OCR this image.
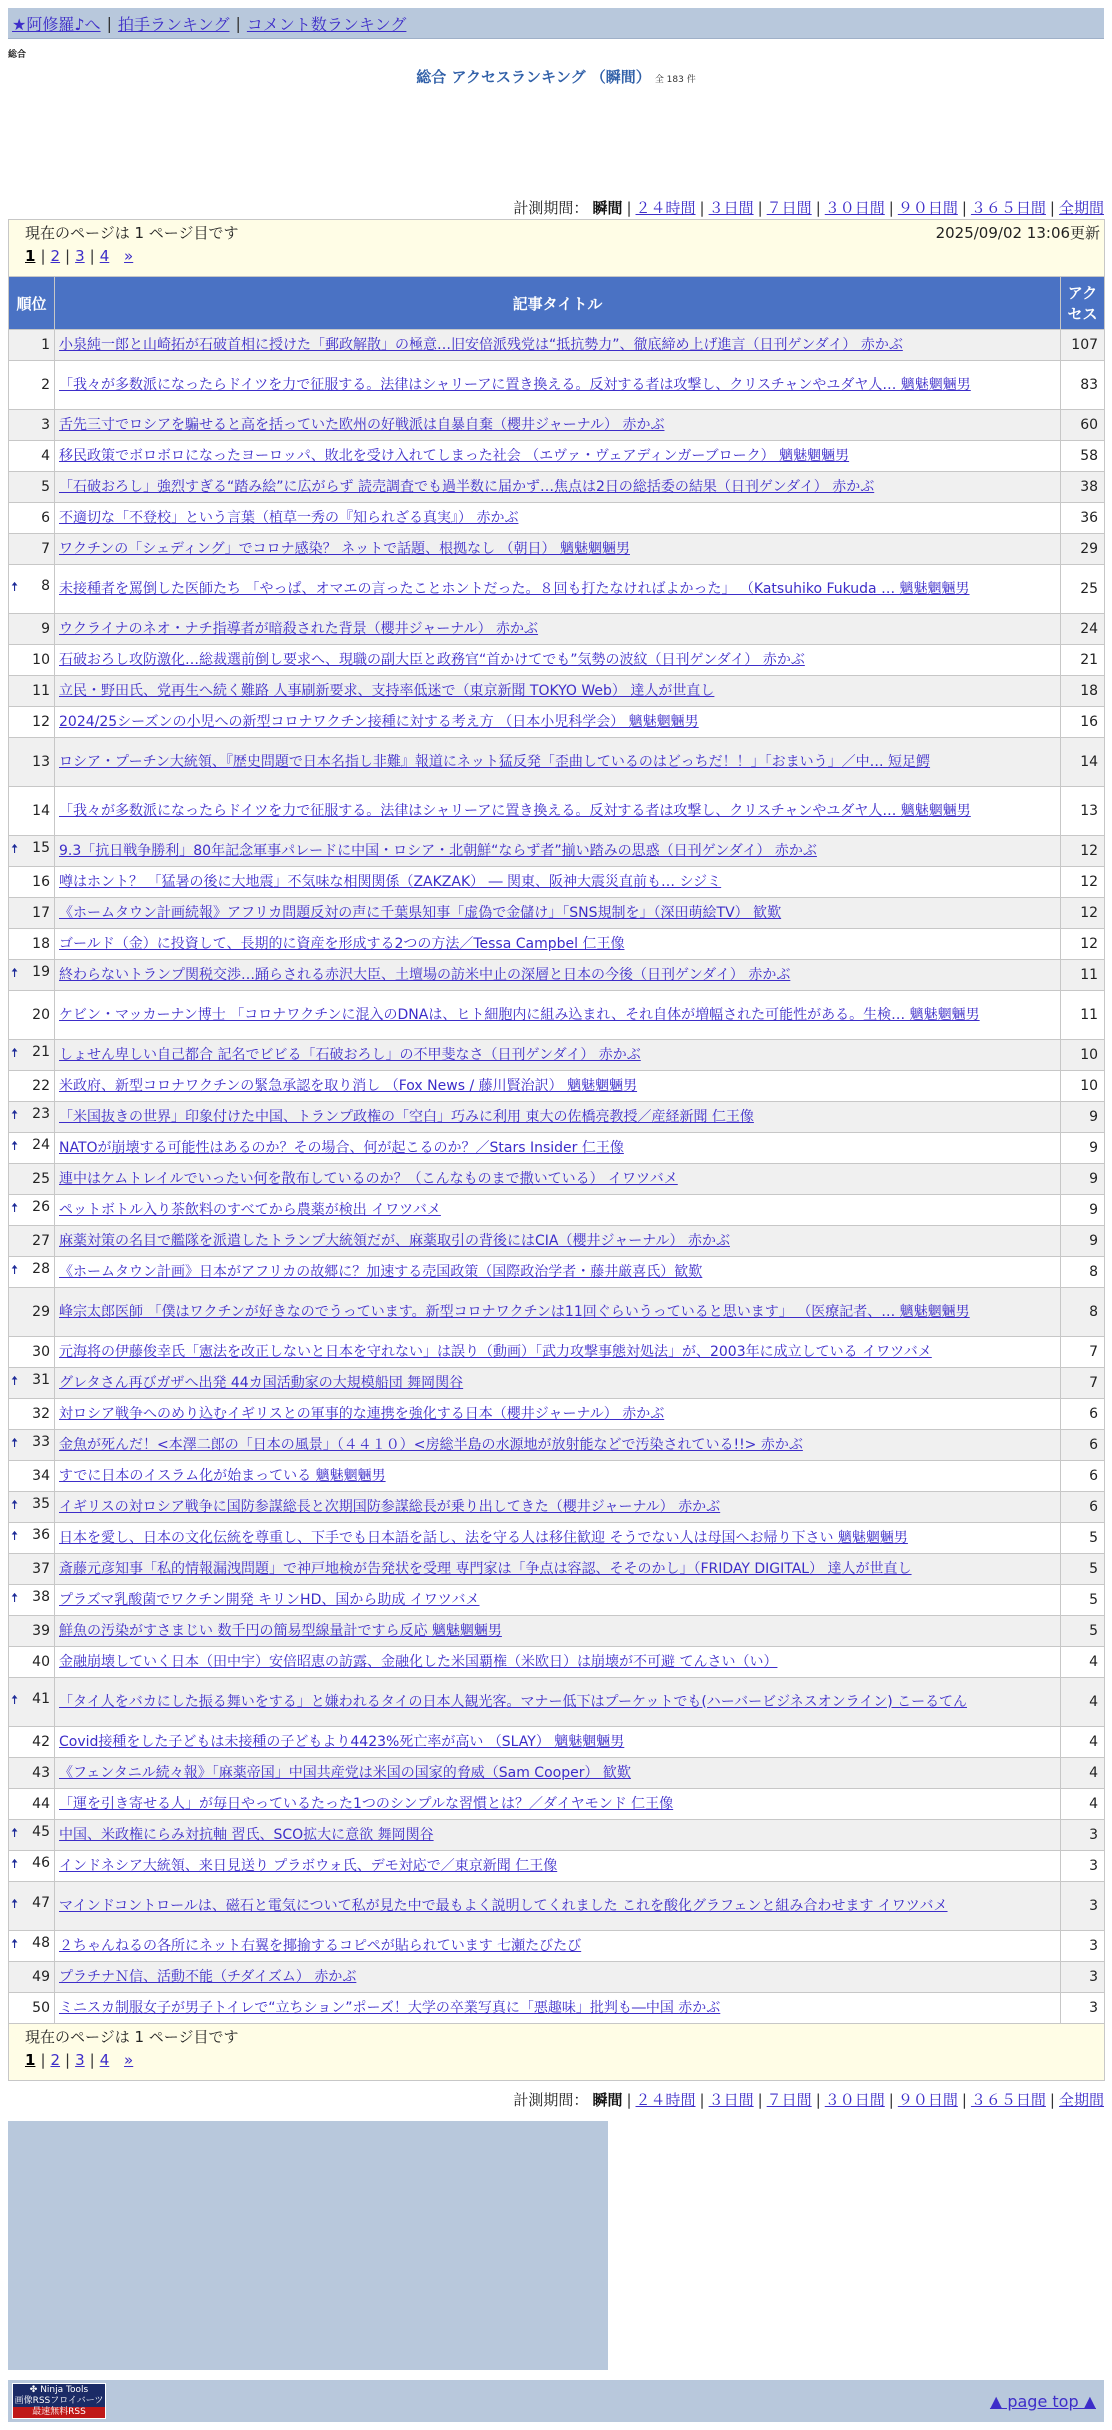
★阿修羅♪へ | 拍手ランキング | コメント数ランキング
総合
総合 アクセスランキング （瞬間） 全 183 件
計測期間： 瞬間 | ２４時間 | ３日間 | ７日間 | ３０日間 | ９０日間 | ３６５日間 | 全期間
現在のページは 1 ページ目です 2025/09/02 13:06更新
1 | 2 | 3 | 4 »		

順位	記事タイトル	アクセス
1	小泉純一郎と山崎拓が石破首相に授けた「郵政解散」の極意…旧安倍派残党は“抵抗勢力”、徹底締め上げ進言（日刊ゲンダイ） 赤かぶ	107
2	「我々が多数派になったらドイツを力で征服する。法律はシャリーアに置き換える。反対する者は攻撃し、クリスチャンやユダヤ人… 魑魅魍魎男	83
3	舌先三寸でロシアを騙せると高を括っていた欧州の好戦派は自暴自棄（櫻井ジャーナル） 赤かぶ	60
4	移民政策でボロボロになったヨーロッパ、敗北を受け入れてしまった社会 （エヴァ・ヴェアディンガーブローク） 魑魅魍魎男	58
5	「石破おろし」強烈すぎる“踏み絵”に広がらず 読売調査でも過半数に届かず…焦点は2日の総括委の結果（日刊ゲンダイ） 赤かぶ	38
6	不適切な「不登校」という言葉（植草一秀の『知られざる真実』） 赤かぶ	36
7	ワクチンの「シェディング」でコロナ感染？ ネットで話題、根拠なし （朝日） 魑魅魍魎男	29

🠅 8	未接種者を罵倒した医師たち 「やっぱ、オマエの言ったことホントだった。８回も打たなければよかった」 （Katsuhiko Fukuda … 魑魅魍魎男	25
9	ウクライナのネオ・ナチ指導者が暗殺された背景（櫻井ジャーナル） 赤かぶ	24
10	石破おろし攻防激化…総裁選前倒し要求へ、現職の副大臣と政務官“首かけてでも”気勢の波紋（日刊ゲンダイ） 赤かぶ	21
11	立民・野田氏、党再生へ続く難路 人事刷新要求、支持率低迷で（東京新聞 TOKYO Web） 達人が世直し	18
12	2024/25シーズンの小児への新型コロナワクチン接種に対する考え方 （日本小児科学会） 魑魅魍魎男	16
13	ロシア・プーチン大統領、『歴史問題で日本名指し非難』報道にネット猛反発「歪曲しているのはどっちだ！！」「おまいう」／中… 短足鰐	14
14	「我々が多数派になったらドイツを力で征服する。法律はシャリーアに置き換える。反対する者は攻撃し、クリスチャンやユダヤ人… 魑魅魍魎男	13

🠅 15	9.3「抗日戦争勝利」80年記念軍事パレードに中国・ロシア・北朝鮮“ならず者”揃い踏みの思惑（日刊ゲンダイ） 赤かぶ	12
16	噂はホント？ 「猛暑の後に大地震」不気味な相関関係（ZAKZAK） ― 関東、阪神大震災直前も… シジミ	12
17	《ホームタウン計画続報》アフリカ問題反対の声に千葉県知事「虚偽で金儲け」「SNS規制を」（深田萌絵TV） 歓歎	12
18	ゴールド（金）に投資して、長期的に資産を形成する2つの方法／Tessa Campbel 仁王像	12

🠅 19	終わらないトランプ関税交渉…踊らされる赤沢大臣、土壇場の訪米中止の深層と日本の今後（日刊ゲンダイ） 赤かぶ	11
20	ケビン・マッカーナン博士 「コロナワクチンに混入のDNAは、ヒト細胞内に組み込まれ、それ自体が増幅された可能性がある。生検… 魑魅魍魎男	11

🠅 21	しょせん卑しい自己都合 記名でビビる「石破おろし」の不甲斐なさ（日刊ゲンダイ） 赤かぶ	10
22	米政府、新型コロナワクチンの緊急承認を取り消し （Fox News / 藤川賢治訳） 魑魅魍魎男	10

🠅 23	「米国抜きの世界」印象付けた中国、トランプ政権の「空白」巧みに利用 東大の佐橋亮教授／産経新聞 仁王像	9

🠅 24	NATOが崩壊する可能性はあるのか？その場合、何が起こるのか？／Stars Insider 仁王像	9
25	連中はケムトレイルでいったい何を散布しているのか？（こんなものまで撒いている） イワツバメ	9

🠅 26	ペットボトル入り茶飲料のすべてから農薬が検出 イワツバメ	9
27	麻薬対策の名目で艦隊を派遣したトランプ大統領だが、麻薬取引の背後にはCIA（櫻井ジャーナル） 赤かぶ	9

🠅 28	《ホームタウン計画》日本がアフリカの故郷に？加速する売国政策（国際政治学者・藤井厳喜氏）歓歎	8
29	峰宗太郎医師 「僕はワクチンが好きなのでうっています。新型コロナワクチンは11回ぐらいうっていると思います」 （医療記者、… 魑魅魍魎男	8
30	元海将の伊藤俊幸氏「憲法を改正しないと日本を守れない」は誤り（動画）「武力攻撃事態対処法」が、2003年に成立している イワツバメ	7

🠅 31	グレタさん再びガザへ出発 44カ国活動家の大規模船団 舞岡関谷	7
32	対ロシア戦争へのめり込むイギリスとの軍事的な連携を強化する日本（櫻井ジャーナル） 赤かぶ	6

🠅 33	金魚が死んだ！<本澤二郎の「日本の風景」（４４１０）<房総半島の水源地が放射能などで汚染されている!!> 赤かぶ	6
34	すでに日本のイスラム化が始まっている 魑魅魍魎男	6

🠅 35	イギリスの対ロシア戦争に国防参謀総長と次期国防参謀総長が乗り出してきた（櫻井ジャーナル） 赤かぶ	6

🠅 36	日本を愛し、日本の文化伝統を尊重し、下手でも日本語を話し、法を守る人は移住歓迎 そうでない人は母国へお帰り下さい 魑魅魍魎男	5
37	斎藤元彦知事「私的情報漏洩問題」で神戸地検が告発状を受理 専門家は「争点は容認、そそのかし」（FRIDAY DIGITAL） 達人が世直し	5

🠅 38	プラズマ乳酸菌でワクチン開発 キリンHD、国から助成 イワツバメ	5
39	鮮魚の汚染がすさまじい 数千円の簡易型線量計ですら反応 魑魅魍魎男	5
40	金融崩壊していく日本（田中宇）安倍昭恵の訪露、金融化した米国覇権（米欧日）は崩壊が不可避 てんさい（い）	4

🠅 41	「タイ人をバカにした振る舞いをする」と嫌われるタイの日本人観光客。マナー低下はプーケットでも(ハーバービジネスオンライン) こーるてん	4
42	Covid接種をした子どもは未接種の子どもより4423%死亡率が高い （SLAY） 魑魅魍魎男	4
43	《フェンタニル続々報》「麻薬帝国」中国共産党は米国の国家的脅威（Sam Cooper） 歓歎	4
44	「運を引き寄せる人」が毎日やっているたった1つのシンプルな習慣とは？／ダイヤモンド 仁王像	4

🠅 45	中国、米政権にらみ対抗軸 習氏、SCO拡大に意欲 舞岡関谷	3

🠅 46	インドネシア大統領、来日見送り プラボウォ氏、デモ対応で／東京新聞 仁王像	3

🠅 47	マインドコントロールは、磁石と電気について私が見た中で最もよく説明してくれました これを酸化グラフェンと組み合わせます イワツバメ	3

🠅 48	２ちゃんねるの各所にネット右翼を揶揄するコピペが貼られています 七瀬たびたび	3
49	プラチナＮ信、活動不能（チダイズム） 赤かぶ	3
50	ミニスカ制服女子が男子トイレで“立ちション”ポーズ！大学の卒業写真に「悪趣味」批判も―中国 赤かぶ	3

現在のページは 1 ページ目です
1 | 2 | 3 | 4 »		
計測期間： 瞬間 | ２４時間 | ３日間 | ７日間 | ３０日間 | ９０日間 | ３６５日間 | 全期間
✤ Ninja Tools
画像RSSフロイバーツ
最速無料RSS
▲ page top ▲
